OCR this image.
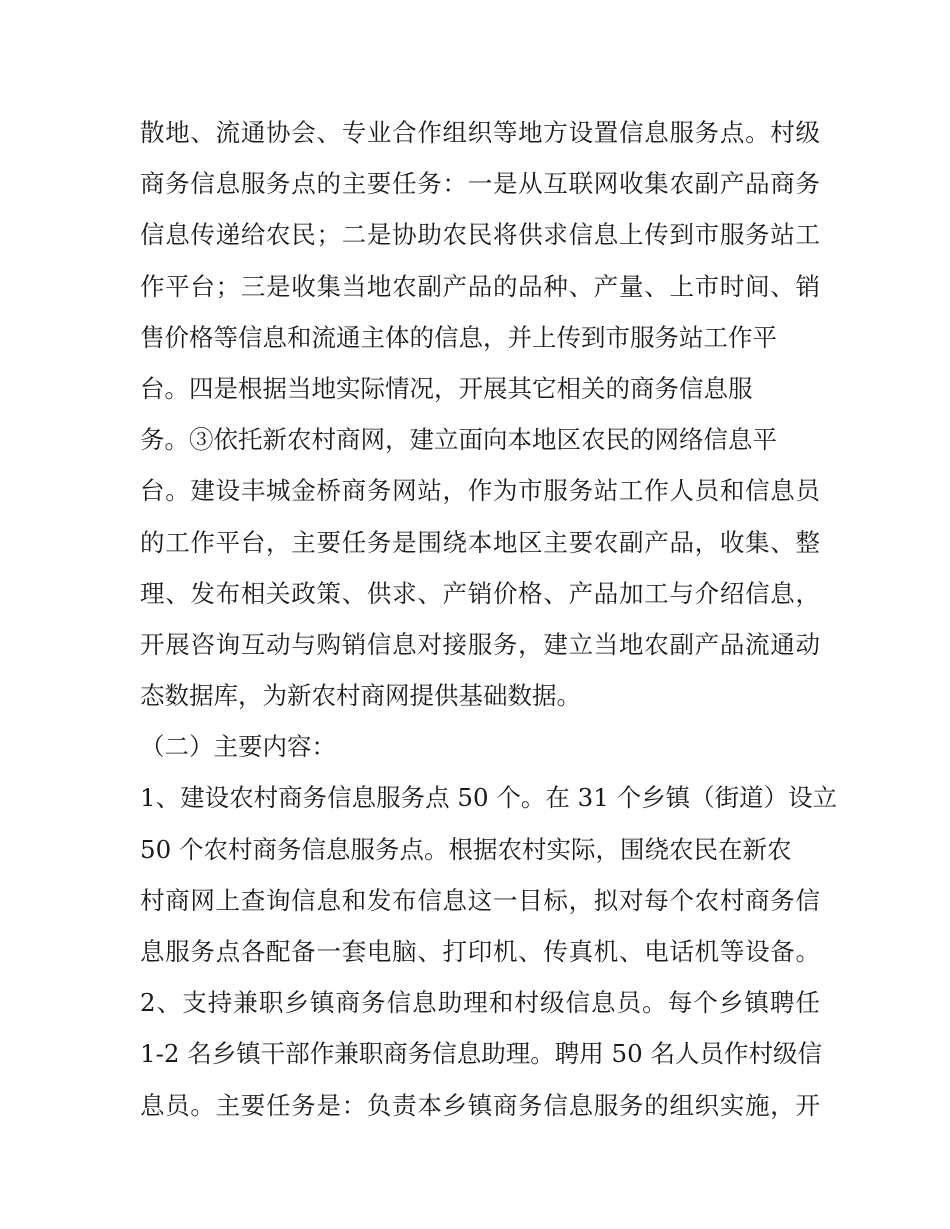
散地、流通协会、专业合作组织等地方设置信息服务点。村级
商务信息服务点的主要任务：一是从互联网收集农副产品商务
信息传递给农民；二是协助农民将供求信息上传到市服务站工
作平台；三是收集当地农副产品的品种、产量、上市时间、销
售价格等信息和流通主体的信息，并上传到市服务站工作平
台。四是根据当地实际情况，开展其它相关的商务信息服
务。③依托新农村商网，建立面向本地区农民的网络信息平
台。建设丰城金桥商务网站，作为市服务站工作人员和信息员
的工作平台，主要任务是围绕本地区主要农副产品，收集、整
理、发布相关政策、供求、产销价格、产品加工与介绍信息，
开展咨询互动与购销信息对接服务，建立当地农副产品流通动
态数据库，为新农村商网提供基础数据。
（二）主要内容：
1、建设农村商务信息服务点 50 个。在 31 个乡镇（街道）设立
50 个农村商务信息服务点。根据农村实际，围绕农民在新农
村商网上查询信息和发布信息这一目标，拟对每个农村商务信
息服务点各配备一套电脑、打印机、传真机、电话机等设备。
2、支持兼职乡镇商务信息助理和村级信息员。每个乡镇聘任
1-2 名乡镇干部作兼职商务信息助理。聘用 50 名人员作村级信
息员。主要任务是：负责本乡镇商务信息服务的组织实施，开
